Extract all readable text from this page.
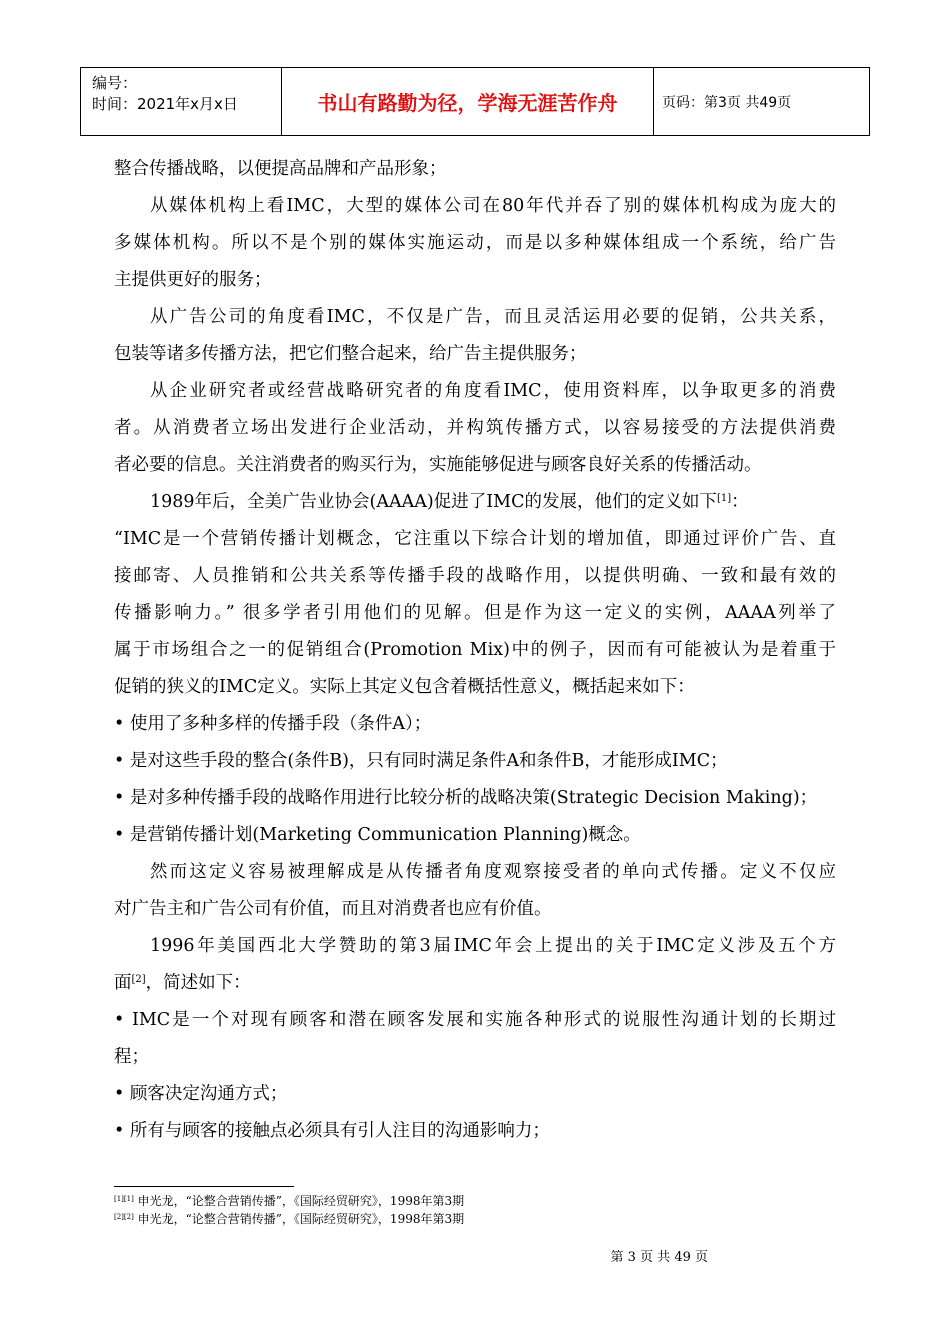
编号：
时间：2021年x月x日	书山有路勤为径，学海无涯苦作舟	页码：第3页 共49页
整合传播战略，以便提高品牌和产品形象；
从媒体机构上看IMC，大型的媒体公司在80年代并吞了别的媒体机构成为庞大的
多媒体机构。所以不是个别的媒体实施运动，而是以多种媒体组成一个系统，给广告
主提供更好的服务；
从广告公司的角度看IMC，不仅是广告，而且灵活运用必要的促销，公共关系，
包装等诸多传播方法，把它们整合起来，给广告主提供服务；
从企业研究者或经营战略研究者的角度看IMC，使用资料库，以争取更多的消费
者。从消费者立场出发进行企业活动，并构筑传播方式，以容易接受的方法提供消费
者必要的信息。关注消费者的购买行为，实施能够促进与顾客良好关系的传播活动。
1989年后，全美广告业协会(AAAA)促进了IMC的发展，他们的定义如下[1]：
“IMC是一个营销传播计划概念，它注重以下综合计划的增加值，即通过评价广告、直
接邮寄、人员推销和公共关系等传播手段的战略作用，以提供明确、一致和最有效的
传播影响力。” 很多学者引用他们的见解。但是作为这一定义的实例，AAAA列举了
属于市场组合之一的促销组合(Promotion Mix)中的例子，因而有可能被认为是着重于
促销的狭义的IMC定义。实际上其定义包含着概括性意义，概括起来如下：
• 使用了多种多样的传播手段（条件A）；
• 是对这些手段的整合(条件B)，只有同时满足条件A和条件B，才能形成IMC；
• 是对多种传播手段的战略作用进行比较分析的战略决策(Strategic Decision Making)；
• 是营销传播计划(Marketing Communication Planning)概念。
然而这定义容易被理解成是从传播者角度观察接受者的单向式传播。定义不仅应
对广告主和广告公司有价值，而且对消费者也应有价值。
1996年美国西北大学赞助的第3届IMC年会上提出的关于IMC定义涉及五个方
面[2]，简述如下：
• IMC是一个对现有顾客和潜在顾客发展和实施各种形式的说服性沟通计划的长期过
程；
• 顾客决定沟通方式；
• 所有与顾客的接触点必须具有引人注目的沟通影响力；
[1][1] 申光龙，“论整合营销传播”，《国际经贸研究》，1998年第3期
[2][2] 申光龙，“论整合营销传播”，《国际经贸研究》，1998年第3期
第 3 页 共 49 页
